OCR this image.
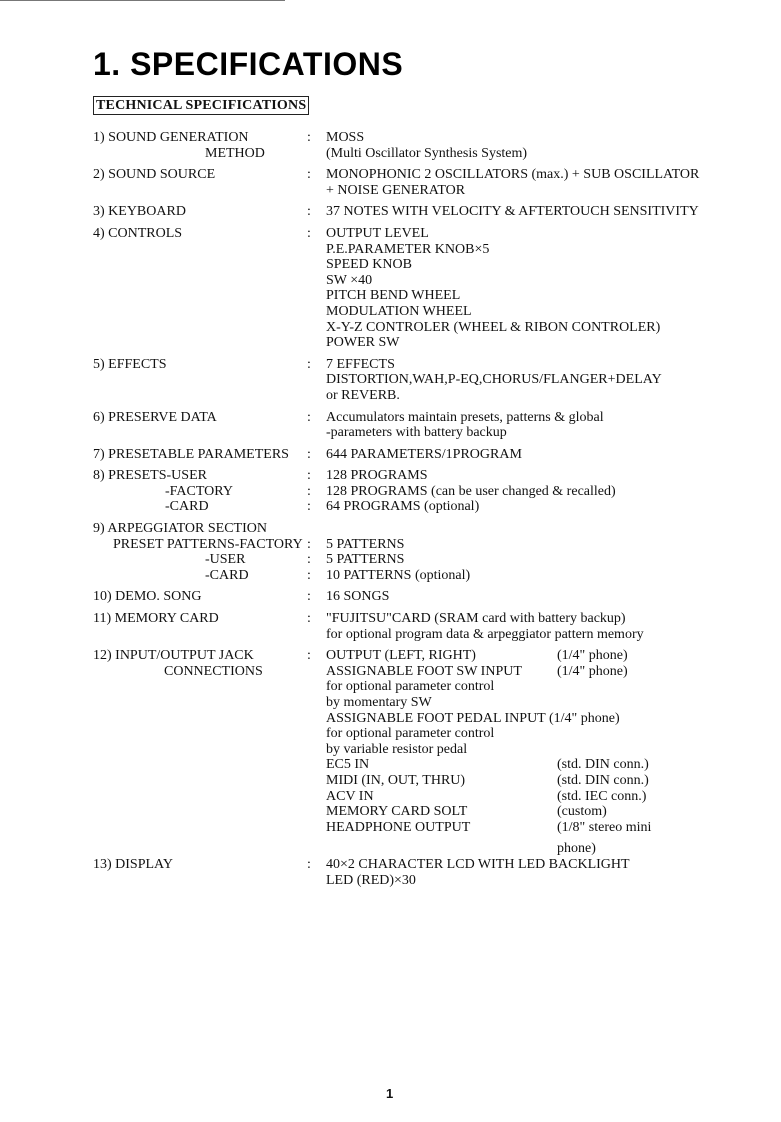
1. SPECIFICATIONS
TECHNICAL SPECIFICATIONS
1) SOUND GENERATION	: MOSS
METHOD	(Multi Oscillator Synthesis System)
2) SOUND SOURCE	: MONOPHONIC 2 OSCILLATORS (max.) + SUB OSCILLATOR
+ NOISE GENERATOR
3) KEYBOARD	: 37 NOTES WITH VELOCITY & AFTERTOUCH SENSITIVITY
4) CONTROLS	: OUTPUT LEVEL
P.E.PARAMETER KNOB×5
SPEED KNOB
SW ×40
PITCH BEND WHEEL
MODULATION WHEEL
X-Y-Z CONTROLER (WHEEL & RIBON CONTROLER)
POWER SW
5) EFFECTS	: 7 EFFECTS
DISTORTION,WAH,P-EQ,CHORUS/FLANGER+DELAY
or REVERB.
6) PRESERVE DATA	: Accumulators maintain presets, patterns & global
-parameters with battery backup
7) PRESETABLE PARAMETERS : 644 PARAMETERS/1PROGRAM
8) PRESETS-USER	: 128 PROGRAMS
-FACTORY	: 128 PROGRAMS (can be user changed & recalled)
-CARD	: 64 PROGRAMS (optional)
9) ARPEGGIATOR SECTION
PRESET PATTERNS-FACTORY : 5 PATTERNS
-USER	: 5 PATTERNS
-CARD	: 10 PATTERNS (optional)
10) DEMO. SONG	: 16 SONGS
11) MEMORY CARD	: "FUJITSU"CARD (SRAM card with battery backup)
for optional program data & arpeggiator pattern memory
12) INPUT/OUTPUT JACK	: OUTPUT (LEFT, RIGHT)	(1/4" phone)
CONNECTIONS	ASSIGNABLE FOOT SW INPUT	(1/4" phone)
for optional parameter control
by momentary SW
ASSIGNABLE FOOT PEDAL INPUT (1/4" phone)
for optional parameter control
by variable resistor pedal
EC5 IN	(std. DIN conn.)
MIDI (IN, OUT, THRU)	(std. DIN conn.)
ACV IN	(std. IEC conn.)
MEMORY CARD SOLT	(custom)
HEADPHONE OUTPUT	(1/8" stereo mini
phone)
13) DISPLAY	: 40×2 CHARACTER LCD WITH LED BACKLIGHT
LED (RED)×30
1
